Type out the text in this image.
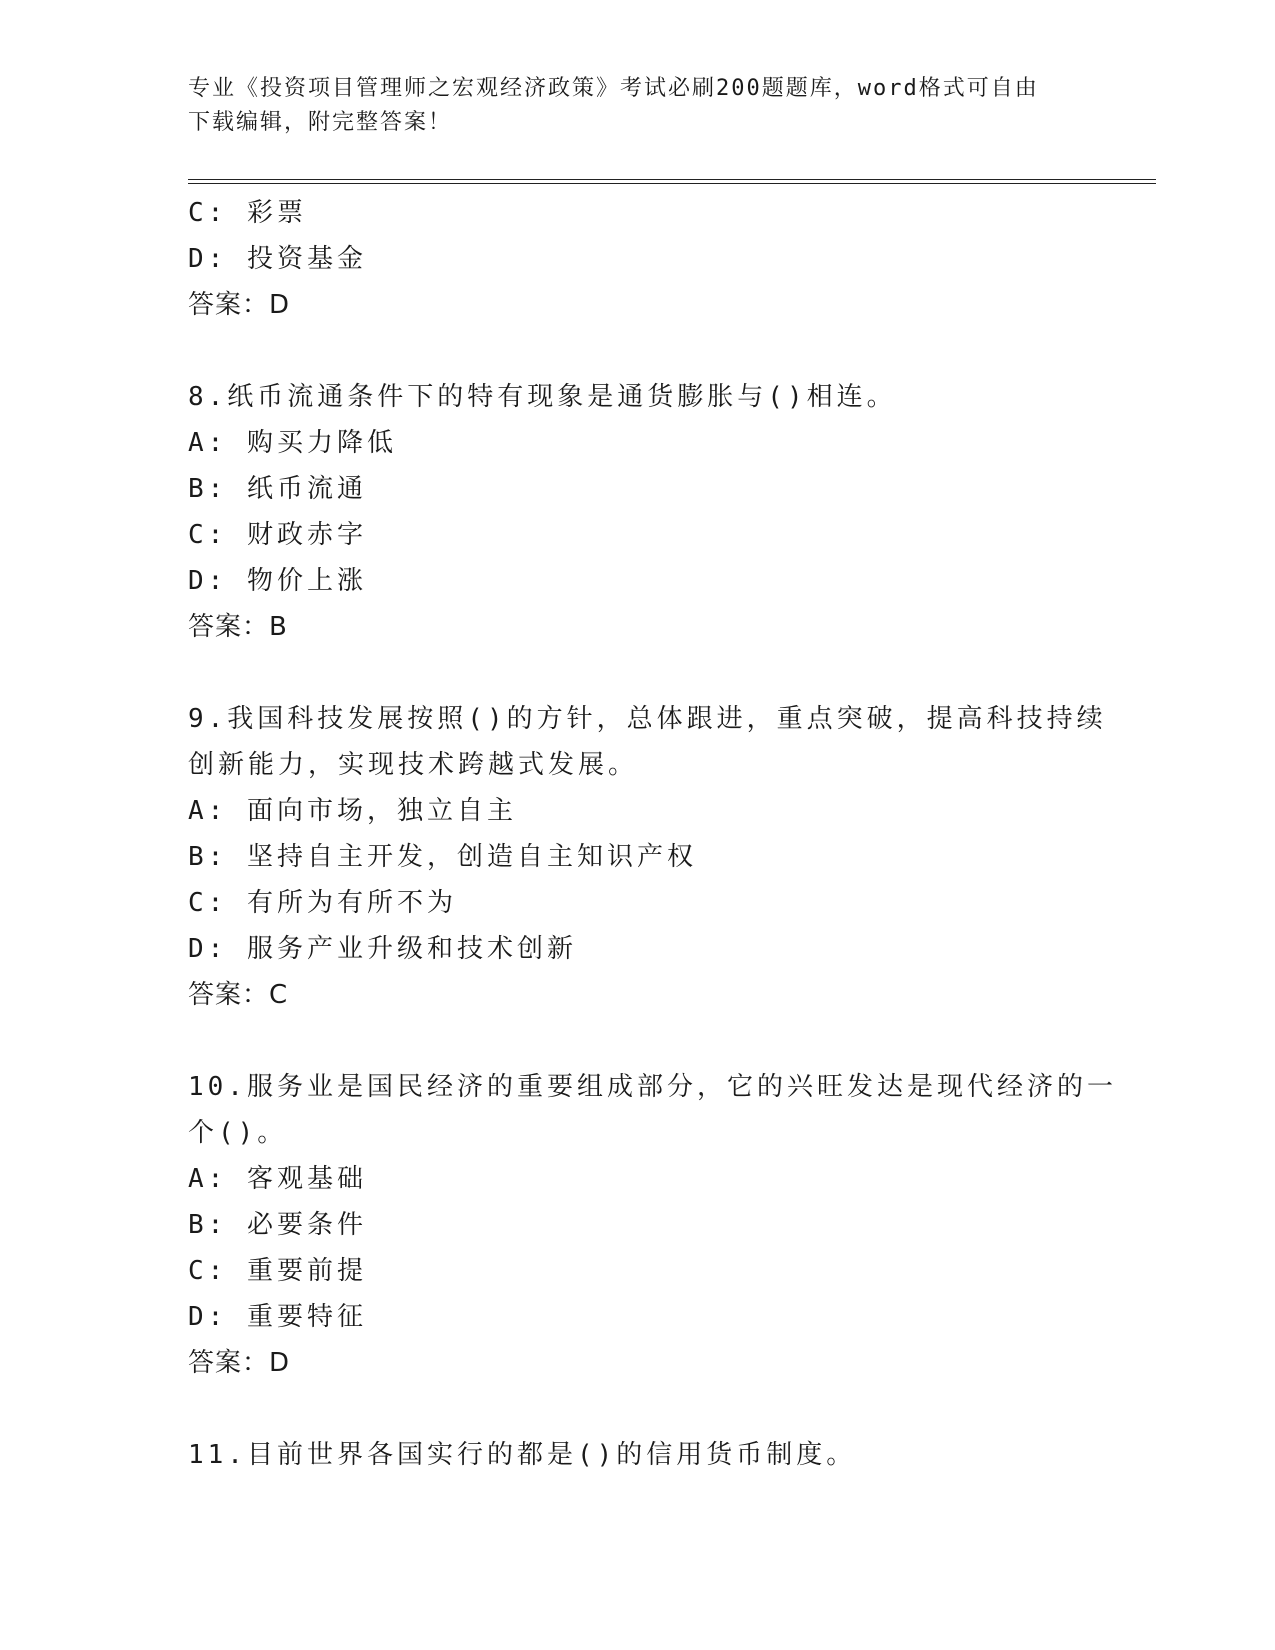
专业《投资项目管理师之宏观经济政策》考试必刷200题题库，word格式可自由
下载编辑，附完整答案！
C: 彩票
D: 投资基金
答案：D
8.纸币流通条件下的特有现象是通货膨胀与()相连。
A: 购买力降低
B: 纸币流通
C: 财政赤字
D: 物价上涨
答案：B
9.我国科技发展按照()的方针，总体跟进，重点突破，提高科技持续
创新能力，实现技术跨越式发展。
A: 面向市场，独立自主
B: 坚持自主开发，创造自主知识产权
C: 有所为有所不为
D: 服务产业升级和技术创新
答案：C
10.服务业是国民经济的重要组成部分，它的兴旺发达是现代经济的一
个()。
A: 客观基础
B: 必要条件
C: 重要前提
D: 重要特征
答案：D
11.目前世界各国实行的都是()的信用货币制度。
